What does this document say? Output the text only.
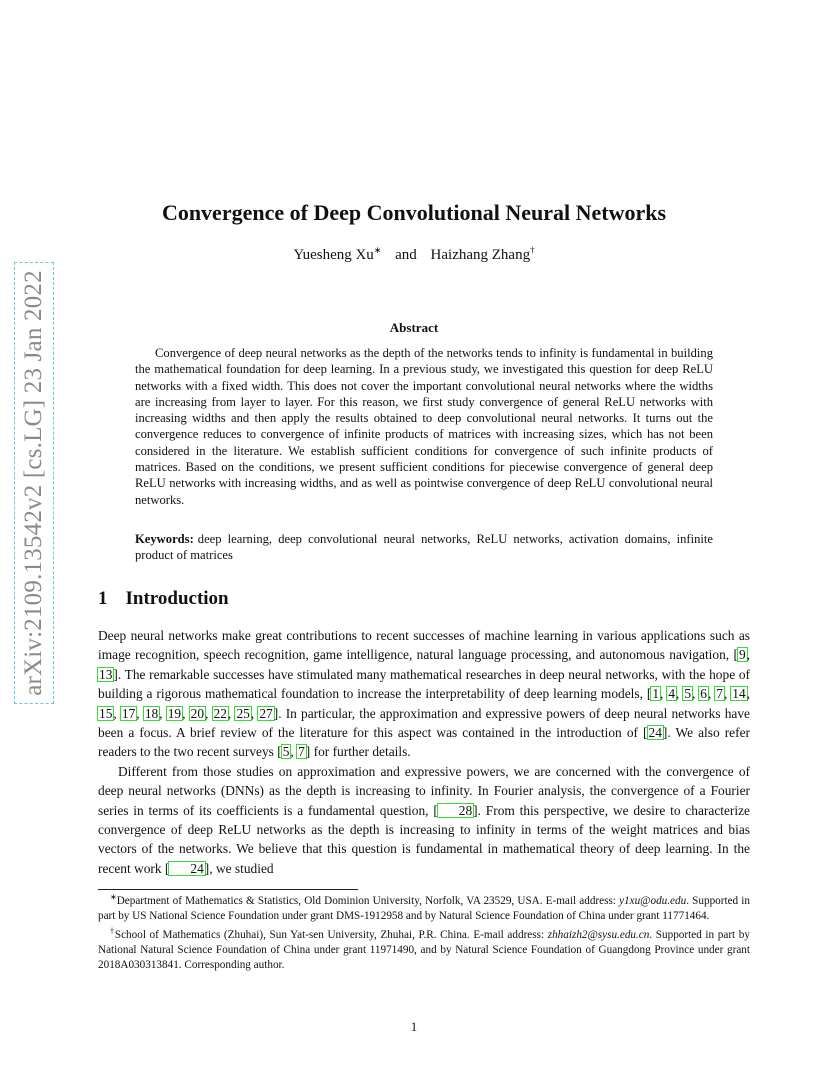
arXiv:2109.13542v2 [cs.LG] 23 Jan 2022
Convergence of Deep Convolutional Neural Networks
Yuesheng Xu∗ and Haizhang Zhang†
Abstract

Convergence of deep neural networks as the depth of the networks tends to infinity is fundamental in building the mathematical foundation for deep learning. In a previous study, we investigated this question for deep ReLU networks with a fixed width. This does not cover the important convolutional neural networks where the widths are increasing from layer to layer. For this reason, we first study convergence of general ReLU networks with increasing widths and then apply the results obtained to deep convolutional neural networks. It turns out the convergence reduces to convergence of infinite products of matrices with increasing sizes, which has not been considered in the literature. We establish sufficient conditions for convergence of such infinite products of matrices. Based on the conditions, we present sufficient conditions for piecewise convergence of general deep ReLU networks with increasing widths, and as well as pointwise convergence of deep ReLU convolutional neural networks.

Keywords: deep learning, deep convolutional neural networks, ReLU networks, activation domains, infinite product of matrices

1 Introduction

Deep neural networks make great contributions to recent successes of machine learning in various applications such as image recognition, speech recognition, game intelligence, natural language processing, and autonomous navigation, [9, 13]. The remarkable successes have stimulated many mathematical researches in deep neural networks, with the hope of building a rigorous mathematical foundation to increase the interpretability of deep learning models, [1, 4, 5, 6, 7, 14, 15, 17, 18, 19, 20, 22, 25, 27]. In particular, the approximation and expressive powers of deep neural networks have been a focus. A brief review of the literature for this aspect was contained in the introduction of [24]. We also refer readers to the two recent surveys [5, 7] for further details.

Different from those studies on approximation and expressive powers, we are concerned with the convergence of deep neural networks (DNNs) as the depth is increasing to infinity. In Fourier analysis, the convergence of a Fourier series in terms of its coefficients is a fundamental question, [ 28]. From this perspective, we desire to characterize convergence of deep ReLU networks as the depth is increasing to infinity in terms of the weight matrices and bias vectors of the networks. We believe that this question is fundamental in mathematical theory of deep learning. In the recent work [ 24], we studied

∗Department of Mathematics & Statistics, Old Dominion University, Norfolk, VA 23529, USA. E-mail address: y1xu@odu.edu. Supported in part by US National Science Foundation under grant DMS-1912958 and by Natural Science Foundation of China under grant 11771464.

†School of Mathematics (Zhuhai), Sun Yat-sen University, Zhuhai, P.R. China. E-mail address: zhhaizh2@sysu.edu.cn. Supported in part by National Natural Science Foundation of China under grant 11971490, and by Natural Science Foundation of Guangdong Province under grant 2018A030313841. Corresponding author.

1
